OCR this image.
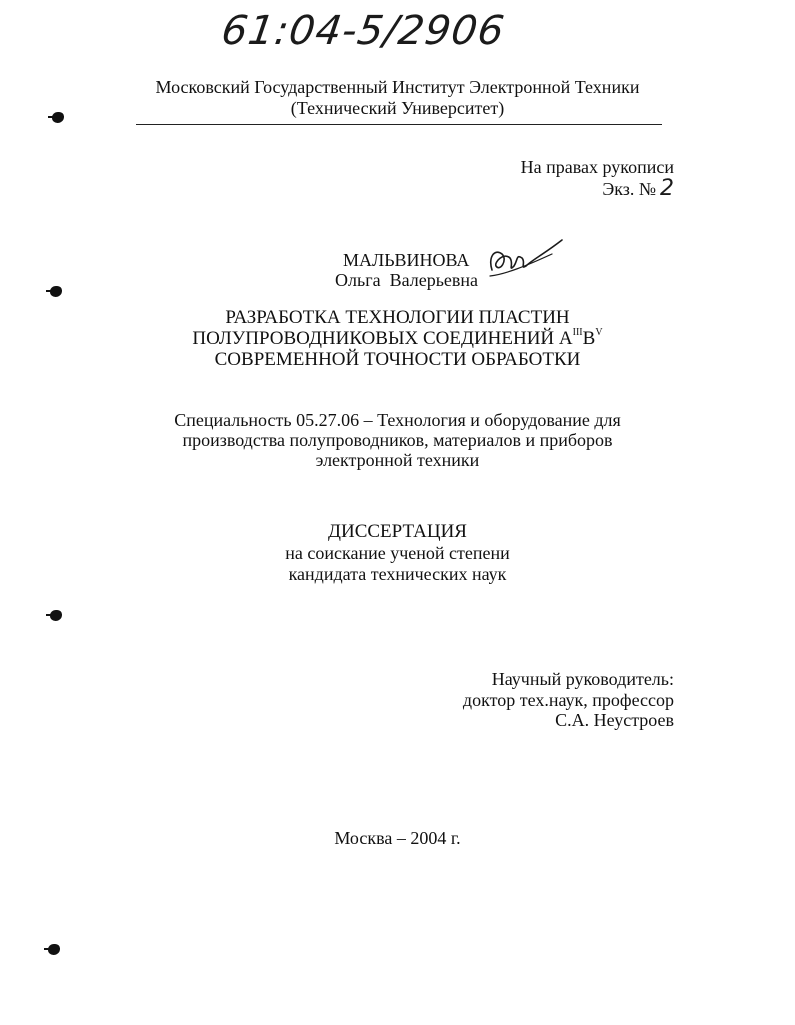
61:04-5/2906
Московский Государственный Институт Электронной Техники
(Технический Университет)
На правах рукописи
Экз. № 2
МАЛЬВИНОВА
Ольга  Валерьевна
РАЗРАБОТКА ТЕХНОЛОГИИ ПЛАСТИН
ПОЛУПРОВОДНИКОВЫХ СОЕДИНЕНИЙ $A^{III}B^V$
СОВРЕМЕННОЙ ТОЧНОСТИ ОБРАБОТКИ
Специальность 05.27.06 – Технология и оборудование для
производства полупроводников, материалов и приборов
электронной техники
ДИССЕРТАЦИЯ
на соискание ученой степени
кандидата технических наук
Научный руководитель:
доктор тех.наук, профессор
С.А. Неустроев
Москва – 2004 г.
